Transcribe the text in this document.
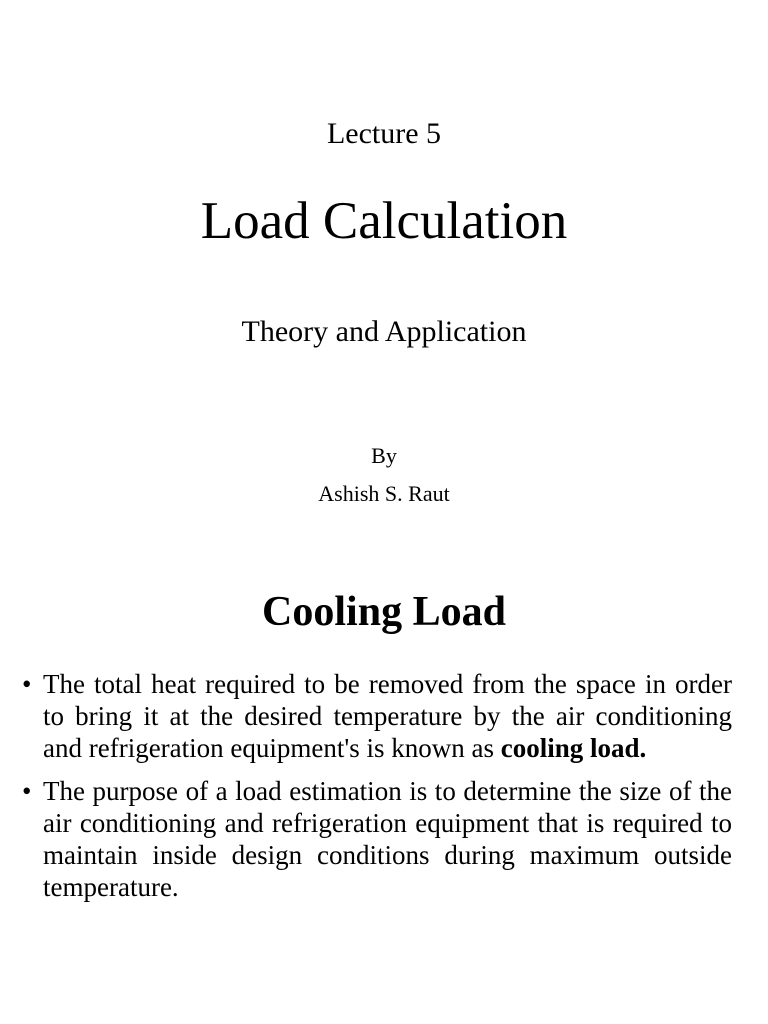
Lecture 5
Load Calculation
Theory and Application
By
Ashish S. Raut
Cooling Load
• The total heat required to be removed from the space in order to bring it at the desired temperature by the air conditioning and refrigeration equipment's is known as cooling load.
• The purpose of a load estimation is to determine the size of the air conditioning and refrigeration equipment that is required to maintain inside design conditions during maximum outside temperature.
